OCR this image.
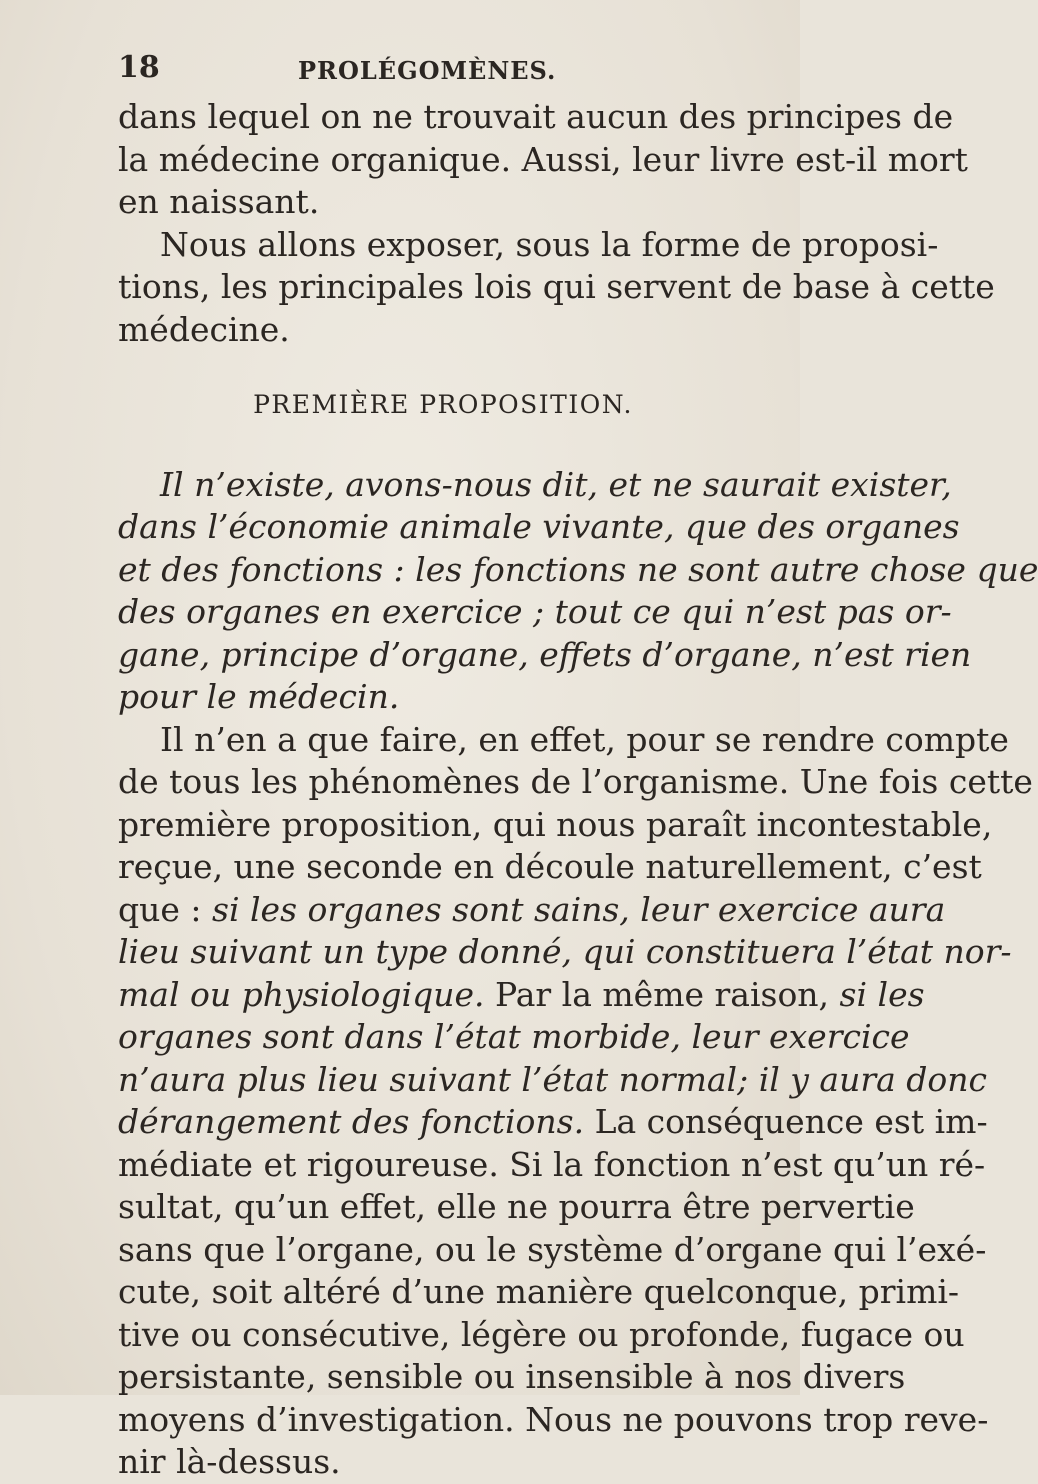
18	PROLÉGOMÈNES.
dans lequel on ne trouvait aucun des principes de
la médecine organique. Aussi, leur livre est-il mort
en naissant.
Nous allons exposer, sous la forme de proposi-
tions, les principales lois qui servent de base à cette
médecine.
PREMIÈRE PROPOSITION.
Il n’existe, avons-nous dit, et ne saurait exister,
dans l’économie animale vivante, que des organes
et des fonctions : les fonctions ne sont autre chose que
des organes en exercice ; tout ce qui n’est pas or-
gane, principe d’organe, effets d’organe, n’est rien
pour le médecin.
Il n’en a que faire, en effet, pour se rendre compte
de tous les phénomènes de l’organisme. Une fois cette
première proposition, qui nous paraît incontestable,
reçue, une seconde en découle naturellement, c’est
que : si les organes sont sains, leur exercice aura
lieu suivant un type donné, qui constituera l’état nor-
mal ou physiologique. Par la même raison, si les
organes sont dans l’état morbide, leur exercice
n’aura plus lieu suivant l’état normal; il y aura donc
dérangement des fonctions. La conséquence est im-
médiate et rigoureuse. Si la fonction n’est qu’un ré-
sultat, qu’un effet, elle ne pourra être pervertie
sans que l’organe, ou le système d’organe qui l’exé-
cute, soit altéré d’une manière quelconque, primi-
tive ou consécutive, légère ou profonde, fugace ou
persistante, sensible ou insensible à nos divers
moyens d’investigation. Nous ne pouvons trop reve-
nir là-dessus.
